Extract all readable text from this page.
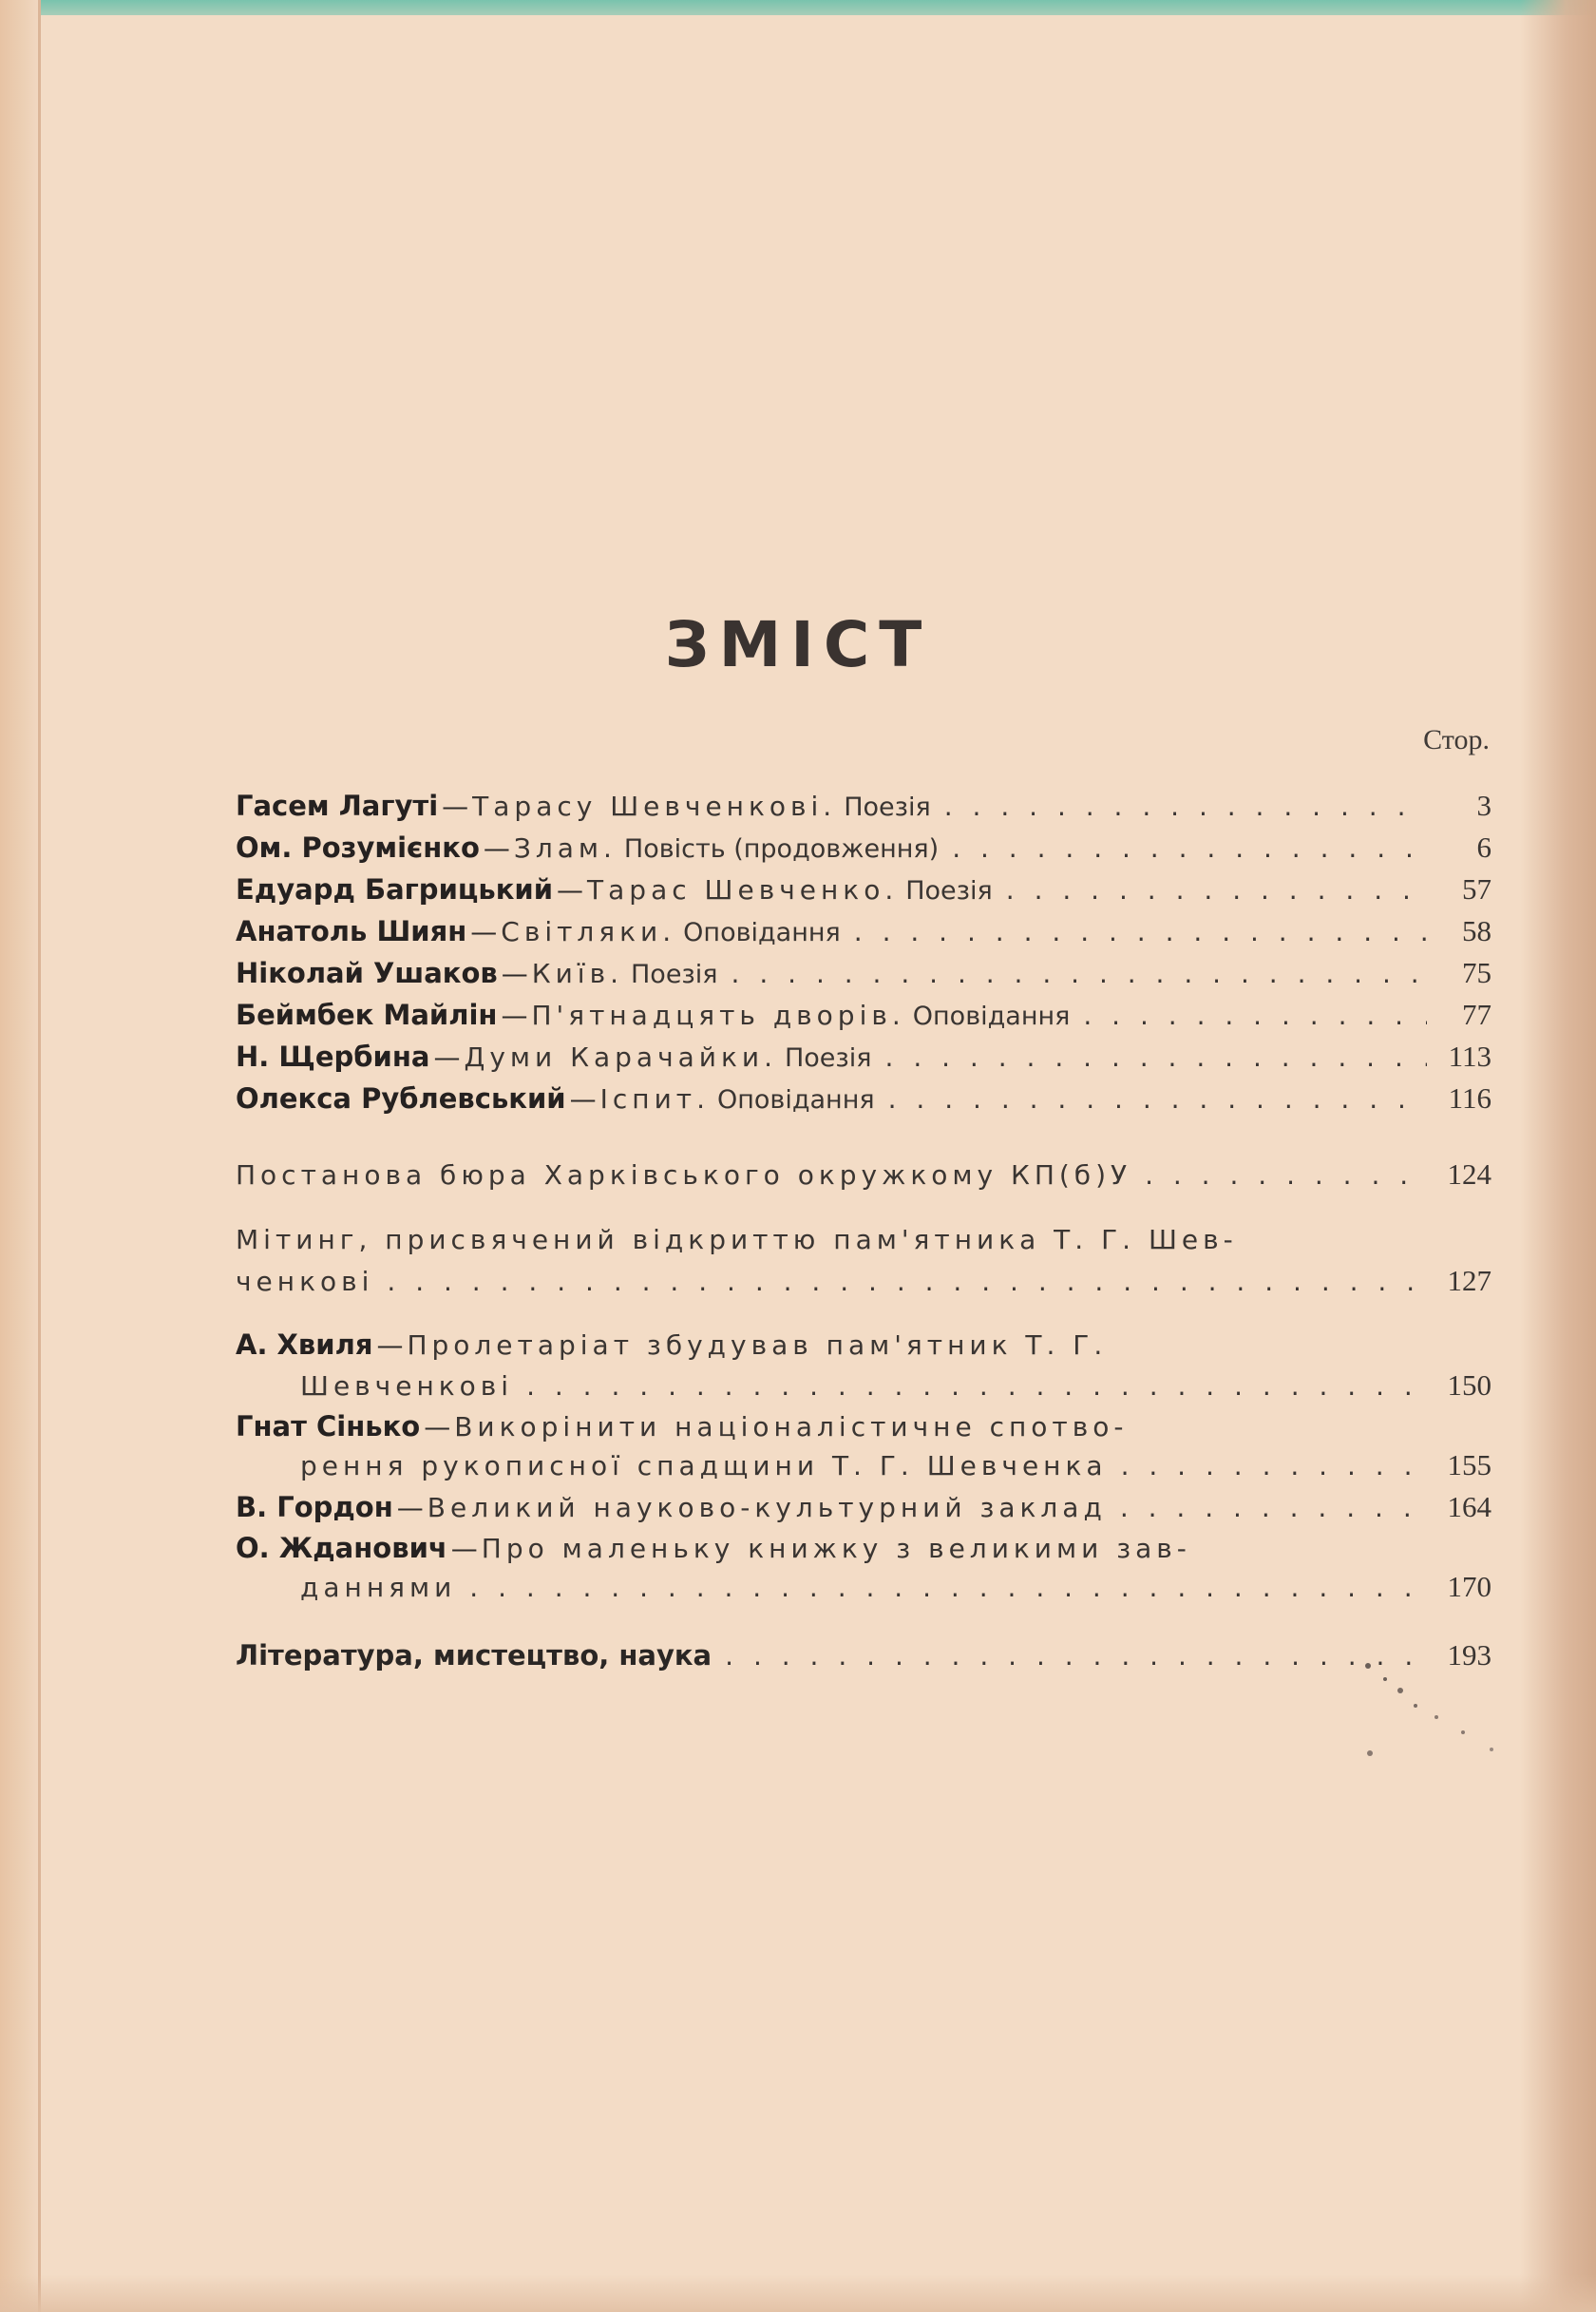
ЗМІСТ
Стор.
Гасем Лагуті — Тарасу Шевченкові. Поезія . . .	3
Ом. Розумієнко — Злам. Повість (продовження) . . .	6
Едуард Багрицький — Тарас Шевченко. Поезія . . .	57
Анатоль Шиян — Світляки. Оповідання . . .	58
Ніколай Ушаков — Київ. Поезія . . .	75
Беймбек Майлін — П'ятнадцять дворів. Оповідання . . .	77
Н. Щербина — Думи Карачайки. Поезія . . .	113
Олекса Рублевський — Іспит. Оповідання . . .	116
Постанова бюра Харківського окружкому КП(б)У . . .	124
Мітинг, присвячений відкриттю пам'ятника Т. Г. Шев-
ченкові . . .	127
А. Хвиля — Пролетаріат збудував пам'ятник Т. Г.
Шевченкові . . .	150
Гнат Сінько — Викорінити націоналістичне спотво-
рення рукописної спадщини Т. Г. Шевченка . . .	155
В. Гордон — Великий науково-культурний заклад . . .	164
О. Жданович — Про маленьку книжку з великими зав-
даннями . . .	170
Література, мистецтво, наука . . .	193
